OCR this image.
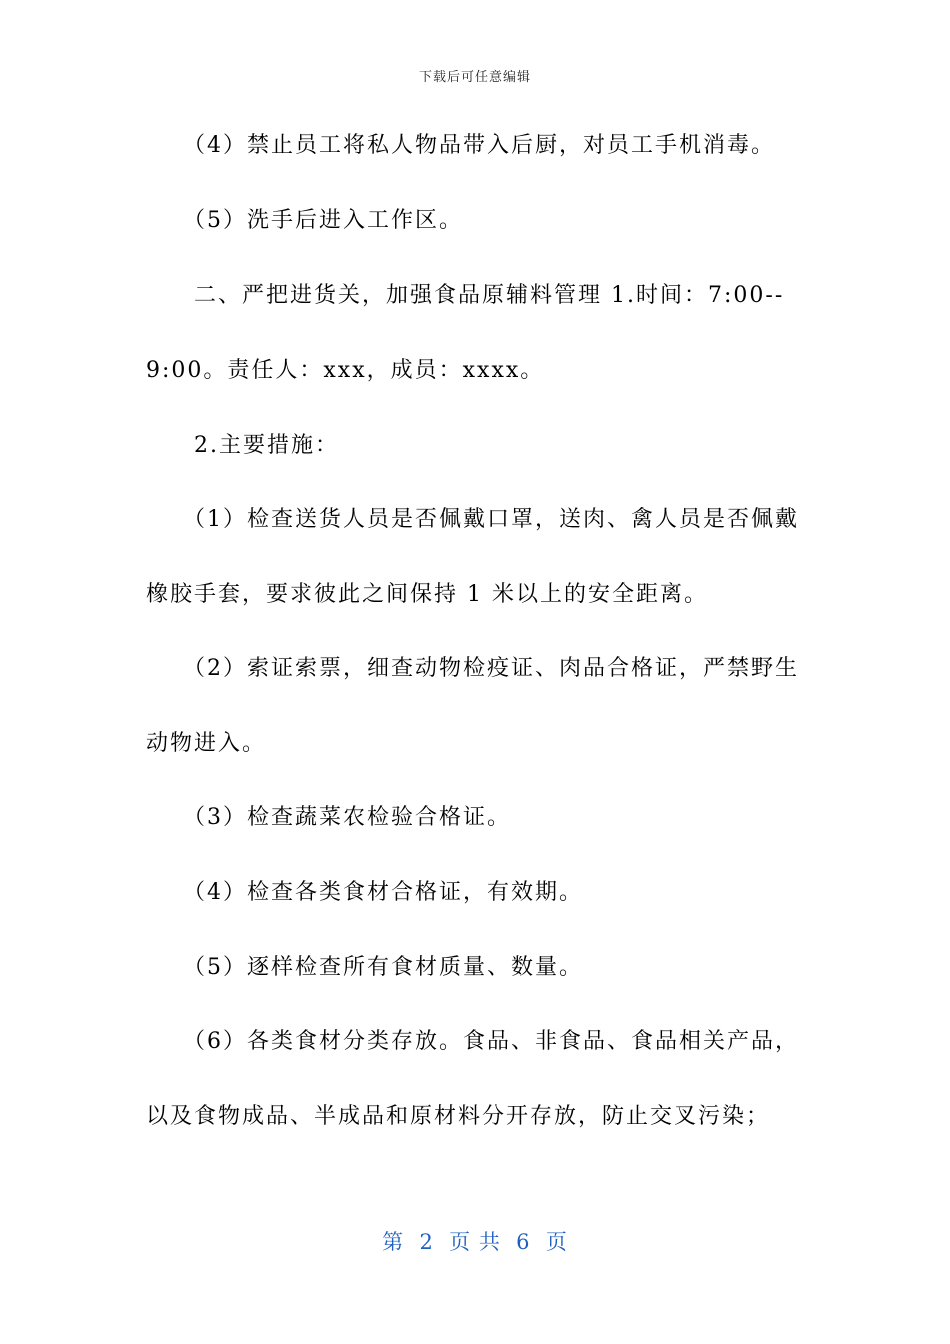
下载后可任意编辑
　　（4）禁止员工将私人物品带入后厨，对员工手机消毒。
　　（5）洗手后进入工作区。
　　二、严把进货关，加强食品原辅料管理 1.时间：7:00--
9:00。责任人：xxx，成员：xxxx。
　　2.主要措施：
　　（1）检查送货人员是否佩戴口罩，送肉、禽人员是否佩戴
橡胶手套，要求彼此之间保持 1 米以上的安全距离。
　　（2）索证索票，细查动物检疫证、肉品合格证，严禁野生
动物进入。
　　（3）检查蔬菜农检验合格证。
　　（4）检查各类食材合格证，有效期。
　　（5）逐样检查所有食材质量、数量。
　　（6）各类食材分类存放。食品、非食品、食品相关产品，
以及食物成品、半成品和原材料分开存放，防止交叉污染；
第  2  页 共  6  页
